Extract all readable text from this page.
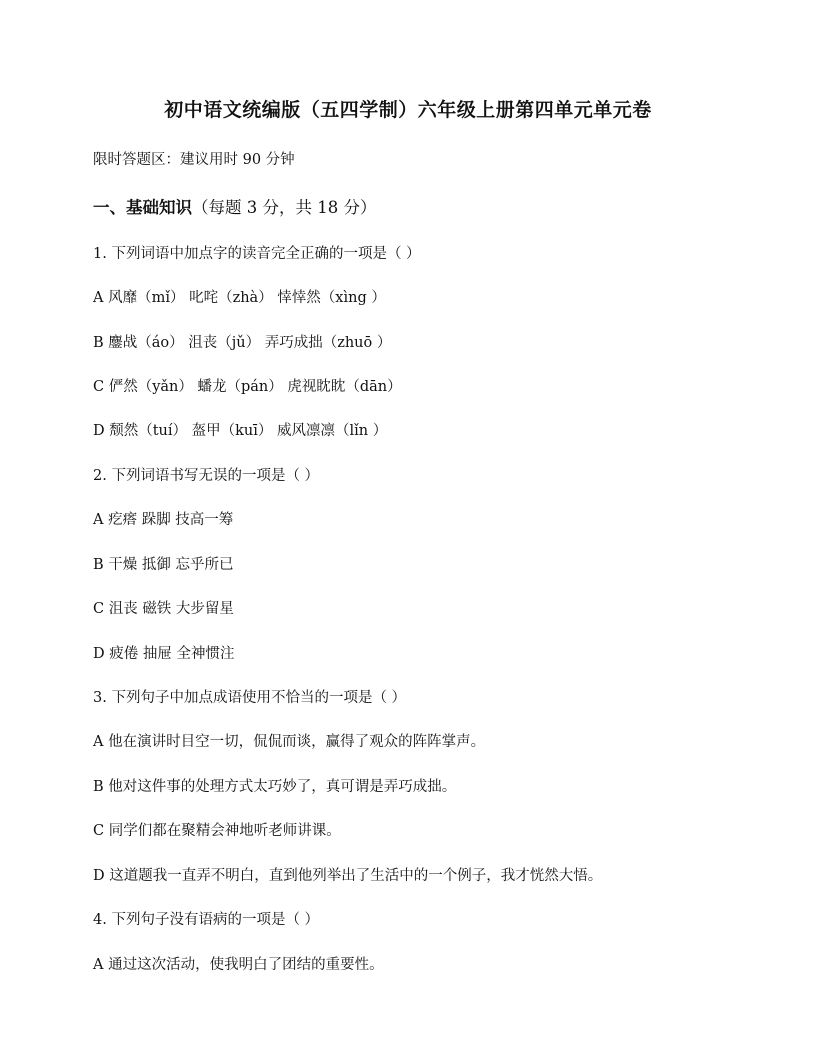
初中语文统编版（五四学制）六年级上册第四单元单元卷
限时答题区：建议用时 90 分钟
一、基础知识（每题 3 分，共 18 分）
1. 下列词语中加点字的读音完全正确的一项是（ ）
A 风靡（mǐ） 叱咤（zhà） 悻悻然（xìng ）
B 鏖战（áo） 沮丧（jǔ） 弄巧成拙（zhuō ）
C 俨然（yǎn） 蟠龙（pán） 虎视眈眈（dān）
D 颓然（tuí） 盔甲（kuī） 威风凛凛（lǐn ）
2. 下列词语书写无误的一项是（ ）
A 疙瘩 跺脚 技高一筹
B 干燥 抵御 忘乎所已
C 沮丧 磁铁 大步留星
D 疲倦 抽屉 全神惯注
3. 下列句子中加点成语使用不恰当的一项是（ ）
A 他在演讲时目空一切，侃侃而谈，赢得了观众的阵阵掌声。
B 他对这件事的处理方式太巧妙了，真可谓是弄巧成拙。
C 同学们都在聚精会神地听老师讲课。
D 这道题我一直弄不明白，直到他列举出了生活中的一个例子，我才恍然大悟。
4. 下列句子没有语病的一项是（ ）
A 通过这次活动，使我明白了团结的重要性。
